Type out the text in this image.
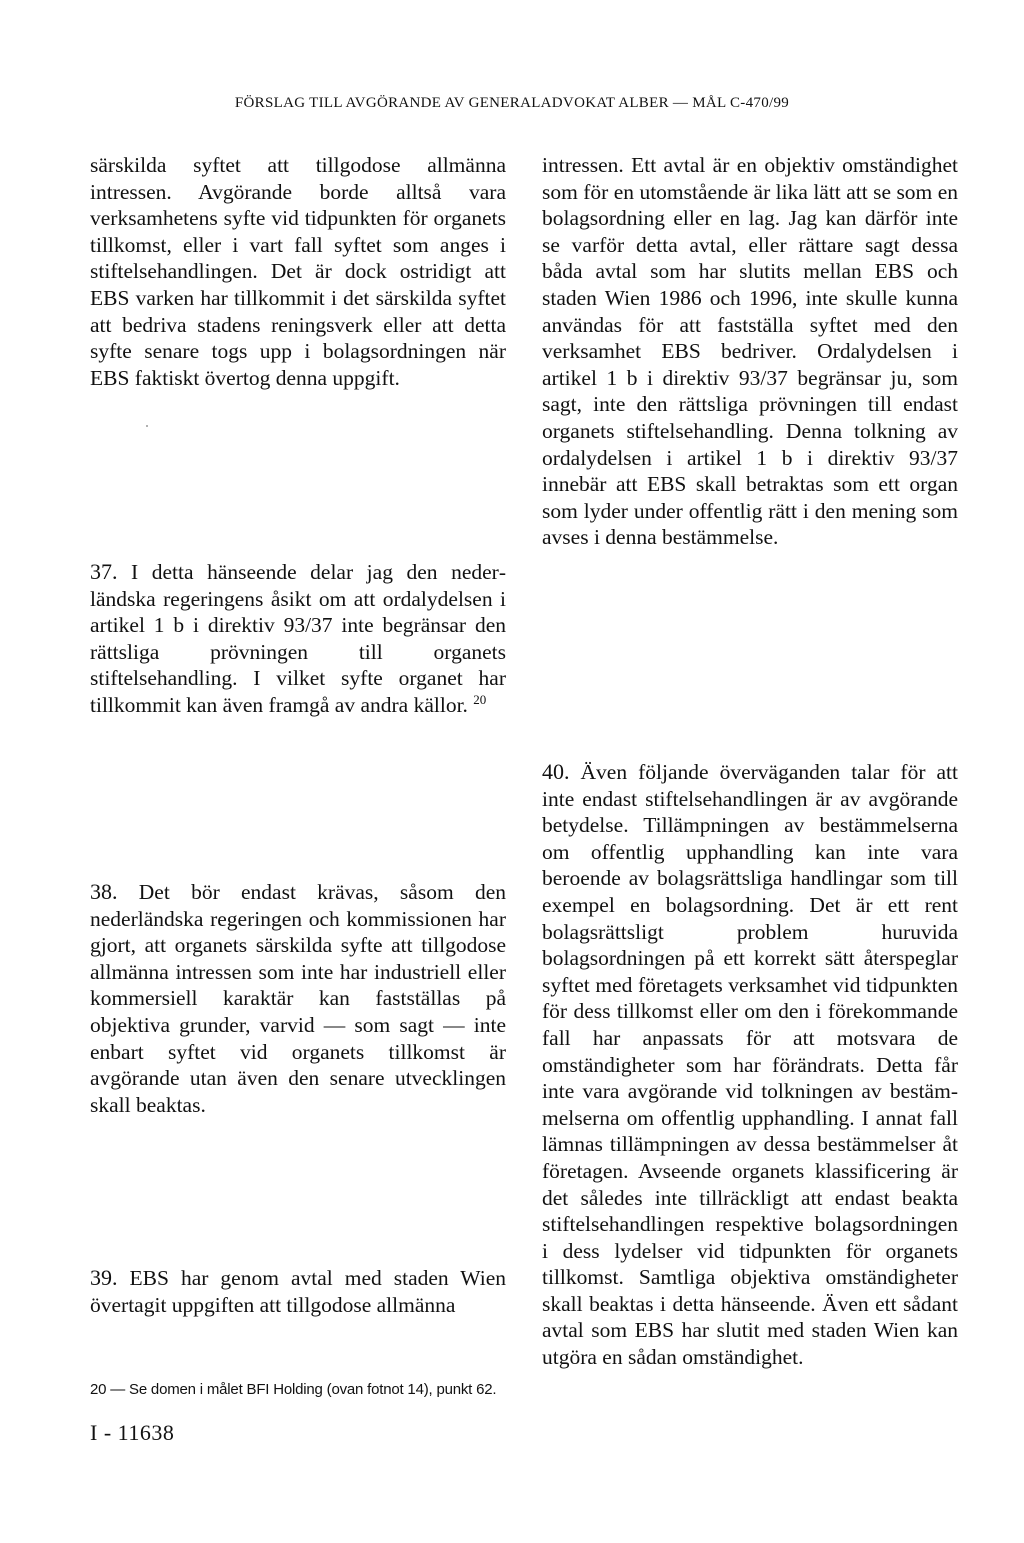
FÖRSLAG TILL AVGÖRANDE AV GENERALADVOKAT ALBER — MÅL C-470/99

särskilda syftet att tillgodose allmänna intressen. Avgörande borde alltså vara verksamhetens syfte vid tidpunkten för organets tillkomst, eller i vart fall syftet som anges i stiftelsehandlingen. Det är dock ostridigt att EBS varken har tillkommit i det särskilda syftet att bedriva stadens reningsverk eller att detta syfte senare togs upp i bolagsordningen när EBS faktiskt övertog denna uppgift.

37. I detta hänseende delar jag den nederländska regeringens åsikt om att ordalydelsen i artikel 1 b i direktiv 93/37 inte begränsar den rättsliga prövningen till organets stiftelsehandling. I vilket syfte organet har tillkommit kan även framgå av andra källor. $^{20}$

38. Det bör endast krävas, såsom den nederländska regeringen och kommissionen har gjort, att organets särskilda syfte att tillgodose allmänna intressen som inte har industriell eller kommersiell karaktär kan fastställas på objektiva grunder, varvid — som sagt — inte enbart syftet vid organets tillkomst är avgörande utan även den senare utvecklingen skall beaktas.

39. EBS har genom avtal med staden Wien övertagit uppgiften att tillgodose allmänna

intressen. Ett avtal är en objektiv omständighet som för en utomstående är lika lätt att se som en bolagsordning eller en lag. Jag kan därför inte se varför detta avtal, eller rättare sagt dessa båda avtal som har slutits mellan EBS och staden Wien 1986 och 1996, inte skulle kunna användas för att fastställa syftet med den verksamhet EBS bedriver. Ordalydelsen i artikel 1 b i direktiv 93/37 begränsar ju, som sagt, inte den rättsliga prövningen till endast organets stiftelsehandling. Denna tolkning av ordalydelsen i artikel 1 b i direktiv 93/37 innebär att EBS skall betraktas som ett organ som lyder under offentlig rätt i den mening som avses i denna bestämmelse.

40. Även följande överväganden talar för att inte endast stiftelsehandlingen är av avgörande betydelse. Tillämpningen av bestämmelserna om offentlig upphandling kan inte vara beroende av bolagsrättsliga handlingar som till exempel en bolagsordning. Det är ett rent bolagsrättsligt problem huruvida bolagsordningen på ett korrekt sätt återspeglar syftet med företagets verksamhet vid tidpunkten för dess tillkomst eller om den i förekommande fall har anpassats för att motsvara de omständigheter som har förändrats. Detta får inte vara avgörande vid tolkningen av bestämmelserna om offentlig upphandling. I annat fall lämnas tillämpningen av dessa bestämmelser åt företagen. Avseende organets klassificering är det således inte tillräckligt att endast beakta stiftelsehandlingen respektive bolagsordningen i dess lydelser vid tidpunkten för organets tillkomst. Samtliga objektiva omständigheter skall beaktas i detta hänseende. Även ett sådant avtal som EBS har slutit med staden Wien kan utgöra en sådan omständighet.

20 — Se domen i målet BFI Holding (ovan fotnot 14), punkt 62.
I - 11638
